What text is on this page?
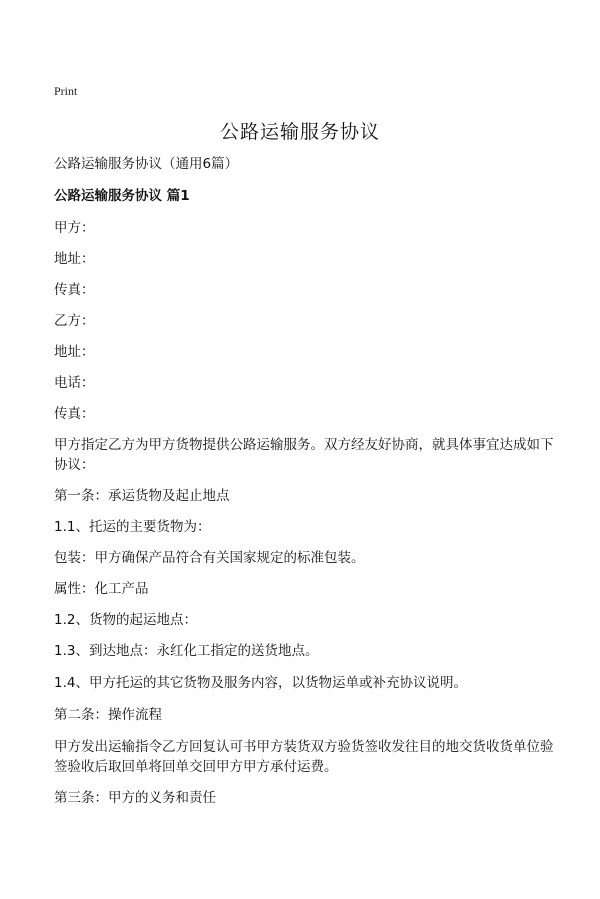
Print
公路运输服务协议

公路运输服务协议（通用6篇）

公路运输服务协议 篇1

甲方：

地址：

传真：

乙方：

地址：

电话：

传真：

甲方指定乙方为甲方货物提供公路运输服务。双方经友好协商，就具体事宜达成如下协议：

第一条：承运货物及起止地点

1.1、托运的主要货物为：

包装：甲方确保产品符合有关国家规定的标准包装。

属性：化工产品

1.2、货物的起运地点：

1.3、到达地点：永红化工指定的送货地点。

1.4、甲方托运的其它货物及服务内容，以货物运单或补充协议说明。

第二条：操作流程

甲方发出运输指令乙方回复认可书甲方装货双方验货签收发往目的地交货收货单位验签验收后取回单将回单交回甲方甲方承付运费。

第三条：甲方的义务和责任
